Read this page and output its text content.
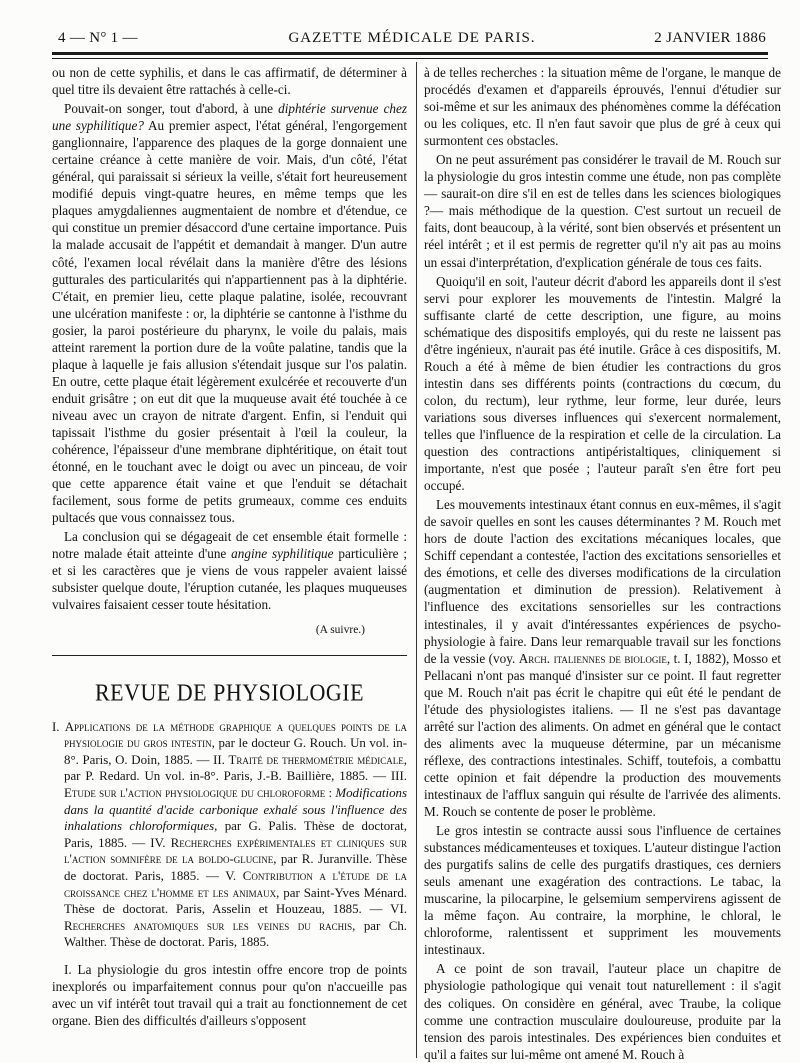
4 — N° 1 —	GAZETTE MÉDICALE DE PARIS.	2 JANVIER 1886

ou non de cette syphilis, et dans le cas affirmatif, de déterminer à quel titre ils devaient être rattachés à celle-ci.

Pouvait-on songer, tout d'abord, à une diphtérie survenue chez une syphilitique? Au premier aspect, l'état général, l'engorgement ganglionnaire, l'apparence des plaques de la gorge donnaient une certaine créance à cette manière de voir. Mais, d'un côté, l'état général, qui paraissait si sérieux la veille, s'était fort heureusement modifié depuis vingt-quatre heures, en même temps que les plaques amygdaliennes augmentaient de nombre et d'étendue, ce qui constitue un premier désaccord d'une certaine importance. Puis la malade accusait de l'appétit et demandait à manger. D'un autre côté, l'examen local révélait dans la manière d'être des lésions gutturales des particularités qui n'appartiennent pas à la diphtérie. C'était, en premier lieu, cette plaque palatine, isolée, recouvrant une ulcération manifeste : or, la diphtérie se cantonne à l'isthme du gosier, la paroi postérieure du pharynx, le voile du palais, mais atteint rarement la portion dure de la voûte palatine, tandis que la plaque à laquelle je fais allusion s'étendait jusque sur l'os palatin. En outre, cette plaque était légèrement exulcérée et recouverte d'un enduit grisâtre ; on eut dit que la muqueuse avait été touchée à ce niveau avec un crayon de nitrate d'argent. Enfin, si l'enduit qui tapissait l'isthme du gosier présentait à l'œil la couleur, la cohérence, l'épaisseur d'une membrane diphtéritique, on était tout étonné, en le touchant avec le doigt ou avec un pinceau, de voir que cette apparence était vaine et que l'enduit se détachait facilement, sous forme de petits grumeaux, comme ces enduits pultacés que vous connaissez tous.

La conclusion qui se dégageait de cet ensemble était formelle : notre malade était atteinte d'une angine syphilitique particulière ; et si les caractères que je viens de vous rappeler avaient laissé subsister quelque doute, l'éruption cutanée, les plaques muqueuses vulvaires faisaient cesser toute hésitation.

(A suivre.)

REVUE DE PHYSIOLOGIE

I. Applications de la méthode graphique a quelques points de la physiologie du gros intestin, par le docteur G. Rouch. Un vol. in-8°. Paris, O. Doin, 1885. — II. Traité de thermométrie médicale, par P. Redard. Un vol. in-8°. Paris, J.-B. Baillière, 1885. — III. Etude sur l'action physiologique du chloroforme : Modifications dans la quantité d'acide carbonique exhalé sous l'influence des inhalations chloroformiques, par G. Palis. Thèse de doctorat, Paris, 1885. — IV. Recherches expérimentales et cliniques sur l'action somnifère de la boldo-glucine, par R. Juranville. Thèse de doctorat. Paris, 1885. — V. Contribution a l'étude de la croissance chez l'homme et les animaux, par Saint-Yves Ménard. Thèse de doctorat. Paris, Asselin et Houzeau, 1885. — VI. Recherches anatomiques sur les veines du rachis, par Ch. Walther. Thèse de doctorat. Paris, 1885.

I. La physiologie du gros intestin offre encore trop de points inexplorés ou imparfaitement connus pour qu'on n'accueille pas avec un vif intérêt tout travail qui a trait au fonctionnement de cet organe. Bien des difficultés d'ailleurs s'opposent

à de telles recherches : la situation même de l'organe, le manque de procédés d'examen et d'appareils éprouvés, l'ennui d'étudier sur soi-même et sur les animaux des phénomènes comme la défécation ou les coliques, etc. Il n'en faut savoir que plus de gré à ceux qui surmontent ces obstacles.

On ne peut assurément pas considérer le travail de M. Rouch sur la physiologie du gros intestin comme une étude, non pas complète — saurait-on dire s'il en est de telles dans les sciences biologiques ?— mais méthodique de la question. C'est surtout un recueil de faits, dont beaucoup, à la vérité, sont bien observés et présentent un réel intérêt ; et il est permis de regretter qu'il n'y ait pas au moins un essai d'interprétation, d'explication générale de tous ces faits.

Quoiqu'il en soit, l'auteur décrit d'abord les appareils dont il s'est servi pour explorer les mouvements de l'intestin. Malgré la suffisante clarté de cette description, une figure, au moins schématique des dispositifs employés, qui du reste ne laissent pas d'être ingénieux, n'aurait pas été inutile. Grâce à ces dispositifs, M. Rouch a été à même de bien étudier les contractions du gros intestin dans ses différents points (contractions du cœcum, du colon, du rectum), leur rythme, leur forme, leur durée, leurs variations sous diverses influences qui s'exercent normalement, telles que l'influence de la respiration et celle de la circulation. La question des contractions antipéristaltiques, cliniquement si importante, n'est que posée ; l'auteur paraît s'en être fort peu occupé.

Les mouvements intestinaux étant connus en eux-mêmes, il s'agit de savoir quelles en sont les causes déterminantes ? M. Rouch met hors de doute l'action des excitations mécaniques locales, que Schiff cependant a contestée, l'action des excitations sensorielles et des émotions, et celle des diverses modifications de la circulation (augmentation et diminution de pression). Relativement à l'influence des excitations sensorielles sur les contractions intestinales, il y avait d'intéressantes expériences de psycho-physiologie à faire. Dans leur remarquable travail sur les fonctions de la vessie (voy. Arch. italiennes de biologie, t. I, 1882), Mosso et Pellacani n'ont pas manqué d'insister sur ce point. Il faut regretter que M. Rouch n'ait pas écrit le chapitre qui eût été le pendant de l'étude des physiologistes italiens. — Il ne s'est pas davantage arrêté sur l'action des aliments. On admet en général que le contact des aliments avec la muqueuse détermine, par un mécanisme réflexe, des contractions intestinales. Schiff, toutefois, a combattu cette opinion et fait dépendre la production des mouvements intestinaux de l'afflux sanguin qui résulte de l'arrivée des aliments. M. Rouch se contente de poser le problème.

Le gros intestin se contracte aussi sous l'influence de certaines substances médicamenteuses et toxiques. L'auteur distingue l'action des purgatifs salins de celle des purgatifs drastiques, ces derniers seuls amenant une exagération des contractions. Le tabac, la muscarine, la pilocarpine, le gelsemium sempervirens agissent de la même façon. Au contraire, la morphine, le chloral, le chloroforme, ralentissent et suppriment les mouvements intestinaux.

A ce point de son travail, l'auteur place un chapitre de physiologie pathologique qui venait tout naturellement : il s'agit des coliques. On considère en général, avec Traube, la colique comme une contraction musculaire douloureuse, produite par la tension des parois intestinales. Des expériences bien conduites et qu'il a faites sur lui-même ont amené M. Rouch à
